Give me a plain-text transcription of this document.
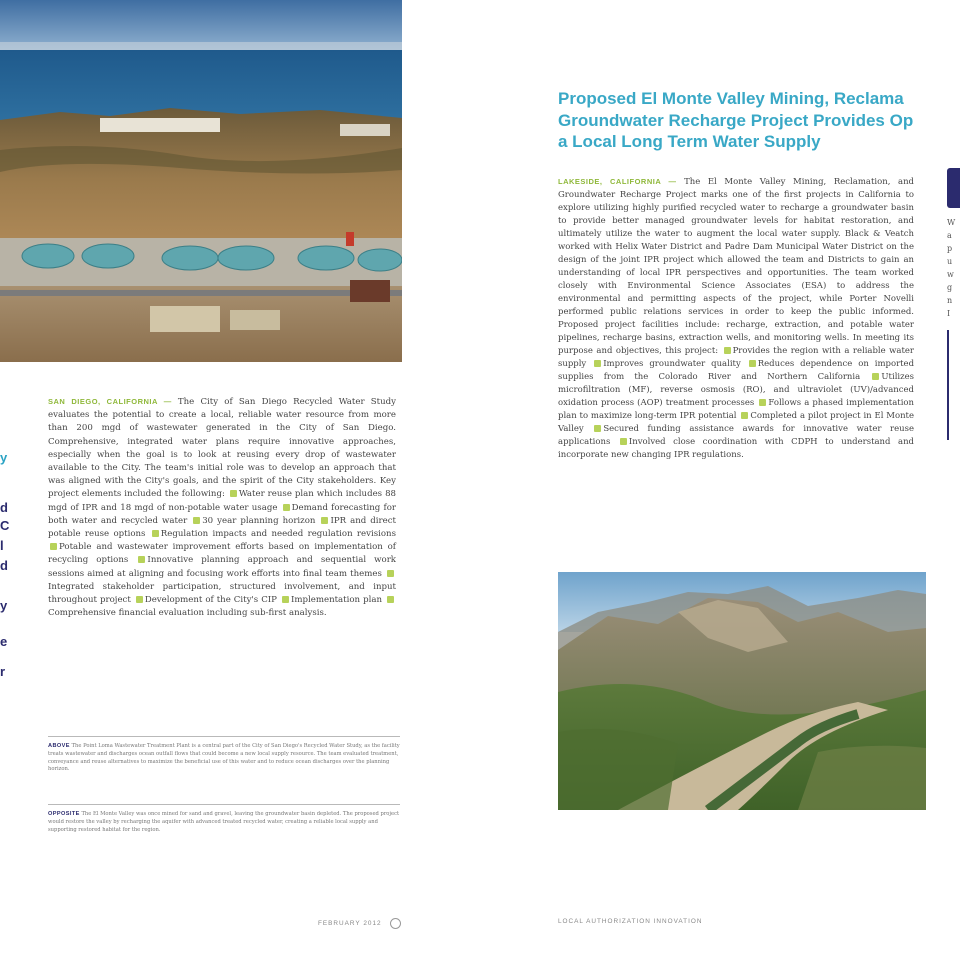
y
d
C
l
d
y
e
r
SAN DIEGO, CALIFORNIA — The City of San Diego Recycled Water Study evaluates the potential to create a local, reliable water resource from more than 200 mgd of wastewater generated in the City of San Diego. Comprehensive, integrated water plans require innovative approaches, especially when the goal is to look at reusing every drop of wastewater available to the City. The team's initial role was to develop an approach that was aligned with the City's goals, and the spirit of the City stakeholders. Key project elements included the following: Water reuse plan which includes 88 mgd of IPR and 18 mgd of non-potable water usage Demand forecasting for both water and recycled water 30 year planning horizon IPR and direct potable reuse options Regulation impacts and needed regulation revisions Potable and wastewater improvement efforts based on implementation of recycling options Innovative planning approach and sequential work sessions aimed at aligning and focusing work efforts into final team themes Integrated stakeholder participation, structured involvement, and input throughout project Development of the City's CIP Implementation plan Comprehensive financial evaluation including sub-first analysis.
ABOVE The Point Loma Wastewater Treatment Plant is a central part of the City of San Diego's Recycled Water Study, as the facility treats wastewater and discharges ocean outfall flows that could become a new local supply resource. The team evaluated treatment, conveyance and reuse alternatives to maximize the beneficial use of this water and to reduce ocean discharges over the planning horizon.
OPPOSITE The El Monte Valley was once mined for sand and gravel, leaving the groundwater basin depleted. The proposed project would restore the valley by recharging the aquifer with advanced treated recycled water, creating a reliable local supply and supporting restored habitat for the region.
FEBRUARY 2012
Proposed El Monte Valley Mining, Reclama
Groundwater Recharge Project Provides Op
a Local Long Term Water Supply
LAKESIDE, CALIFORNIA — The El Monte Valley Mining, Reclamation, and Groundwater Recharge Project marks one of the first projects in California to explore utilizing highly purified recycled water to recharge a groundwater basin to provide better managed groundwater levels for habitat restoration, and ultimately utilize the water to augment the local water supply. Black & Veatch worked with Helix Water District and Padre Dam Municipal Water District on the design of the joint IPR project which allowed the team and Districts to gain an understanding of local IPR perspectives and opportunities. The team worked closely with Environmental Science Associates (ESA) to address the environmental and permitting aspects of the project, while Porter Novelli performed public relations services in order to keep the public informed. Proposed project facilities include: recharge, extraction, and potable water pipelines, recharge basins, extraction wells, and monitoring wells. In meeting its purpose and objectives, this project: Provides the region with a reliable water supply Improves groundwater quality Reduces dependence on imported supplies from the Colorado River and Northern California Utilizes microfiltration (MF), reverse osmosis (RO), and ultraviolet (UV)/advanced oxidation process (AOP) treatment processes Follows a phased implementation plan to maximize long-term IPR potential Completed a pilot project in El Monte Valley Secured funding assistance awards for innovative water reuse applications Involved close coordination with CDPH to understand and incorporate new changing IPR regulations.
W
a
p
u
w
g
n
I
LOCAL AUTHORIZATION INNOVATION
